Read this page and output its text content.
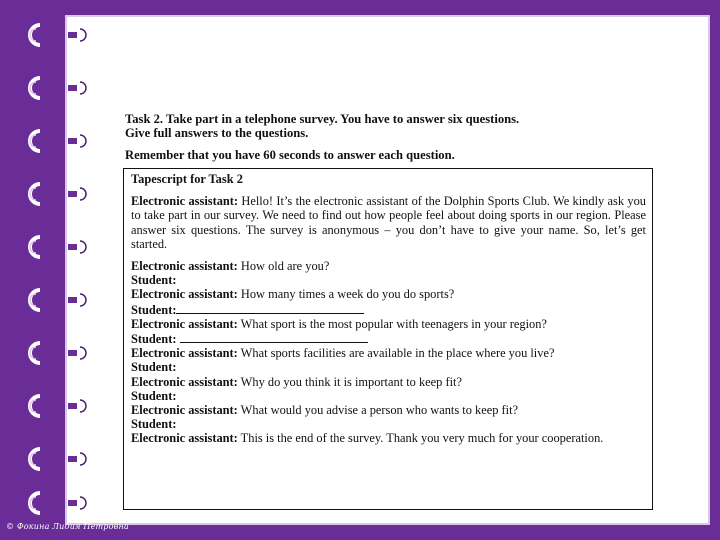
Task 2. Take part in a telephone survey. You have to answer six questions.
Give full answers to the questions.

Remember that you have 60 seconds to answer each question.

Tapescript for Task 2

Electronic assistant: Hello! It’s the electronic assistant of the Dolphin Sports Club. We kindly ask you to take part in our survey. We need to find out how people feel about doing sports in our region. Please answer six questions. The survey is anonymous – you don’t have to give your name. So, let’s get started.

Electronic assistant: How old are you?

Student:

Electronic assistant: How many times a week do you do sports?

Student:

Electronic assistant: What sport is the most popular with teenagers in your region?

Student:

Electronic assistant: What sports facilities are available in the place where you live?

Student:

Electronic assistant: Why do you think it is important to keep fit?

Student:

Electronic assistant: What would you advise a person who wants to keep fit?

Student:

Electronic assistant: This is the end of the survey. Thank you very much for your cooperation.

© Фокина Лидия Петровна
